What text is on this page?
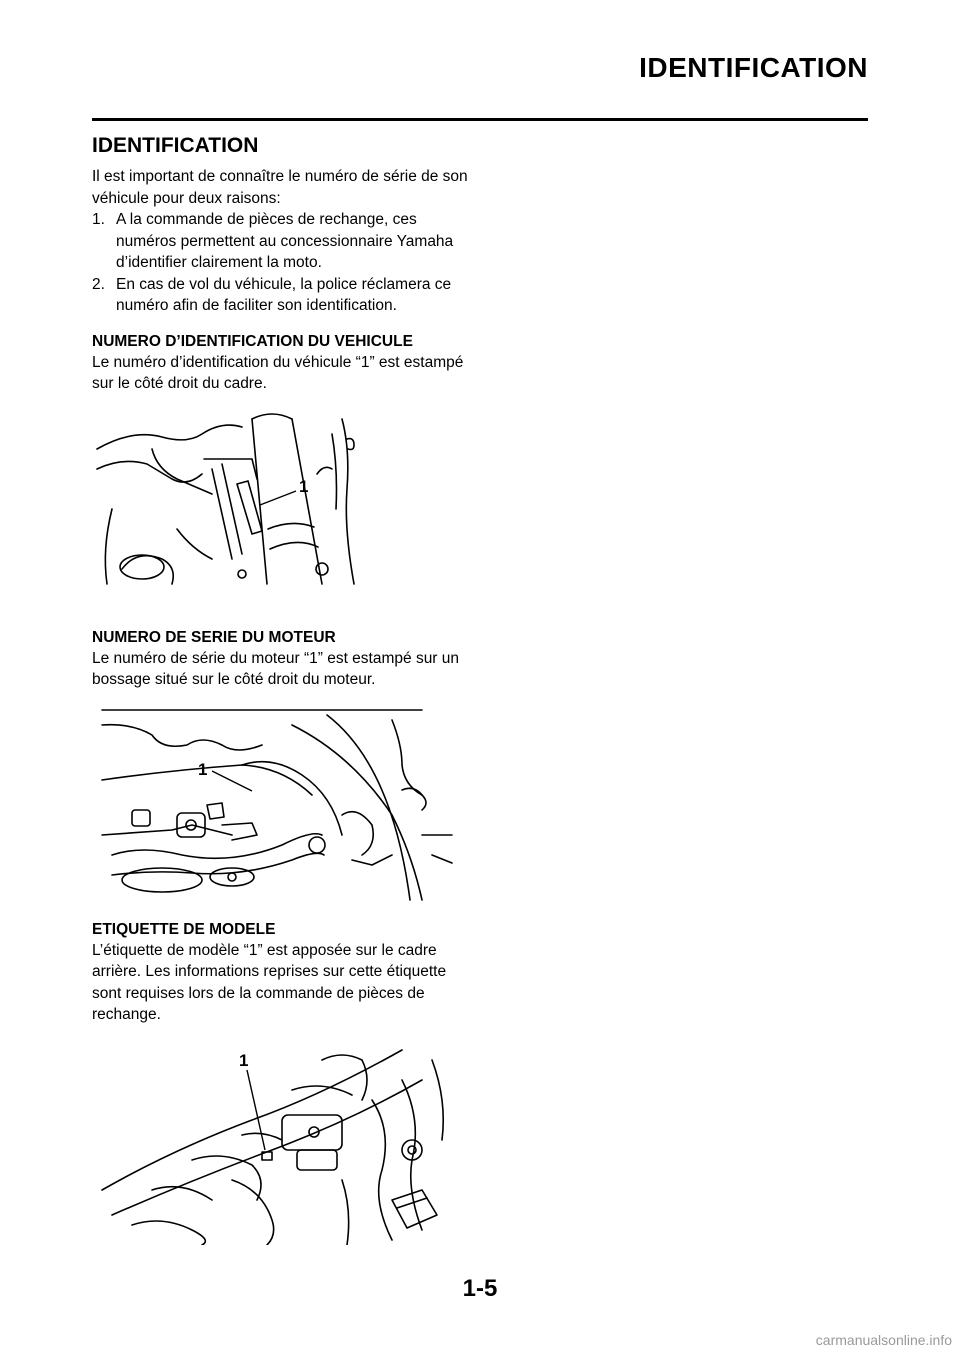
IDENTIFICATION
IDENTIFICATION

Il est important de connaître le numéro de série de son véhicule pour deux raisons:

1. A la commande de pièces de rechange, ces numéros permettent au concessionnaire Yamaha d’identifier clairement la moto.
2. En cas de vol du véhicule, la police réclamera ce numéro afin de faciliter son identification.
NUMERO D’IDENTIFICATION DU VEHICULE

Le numéro d’identification du véhicule “1” est estampé sur le côté droit du cadre.

1
NUMERO DE SERIE DU MOTEUR

Le numéro de série du moteur “1” est estampé sur un bossage situé sur le côté droit du moteur.

1
ETIQUETTE DE MODELE

L’étiquette de modèle “1” est apposée sur le cadre arrière. Les informations reprises sur cette étiquette sont requises lors de la commande de pièces de rechange.

1
1-5
carmanualsonline.info
